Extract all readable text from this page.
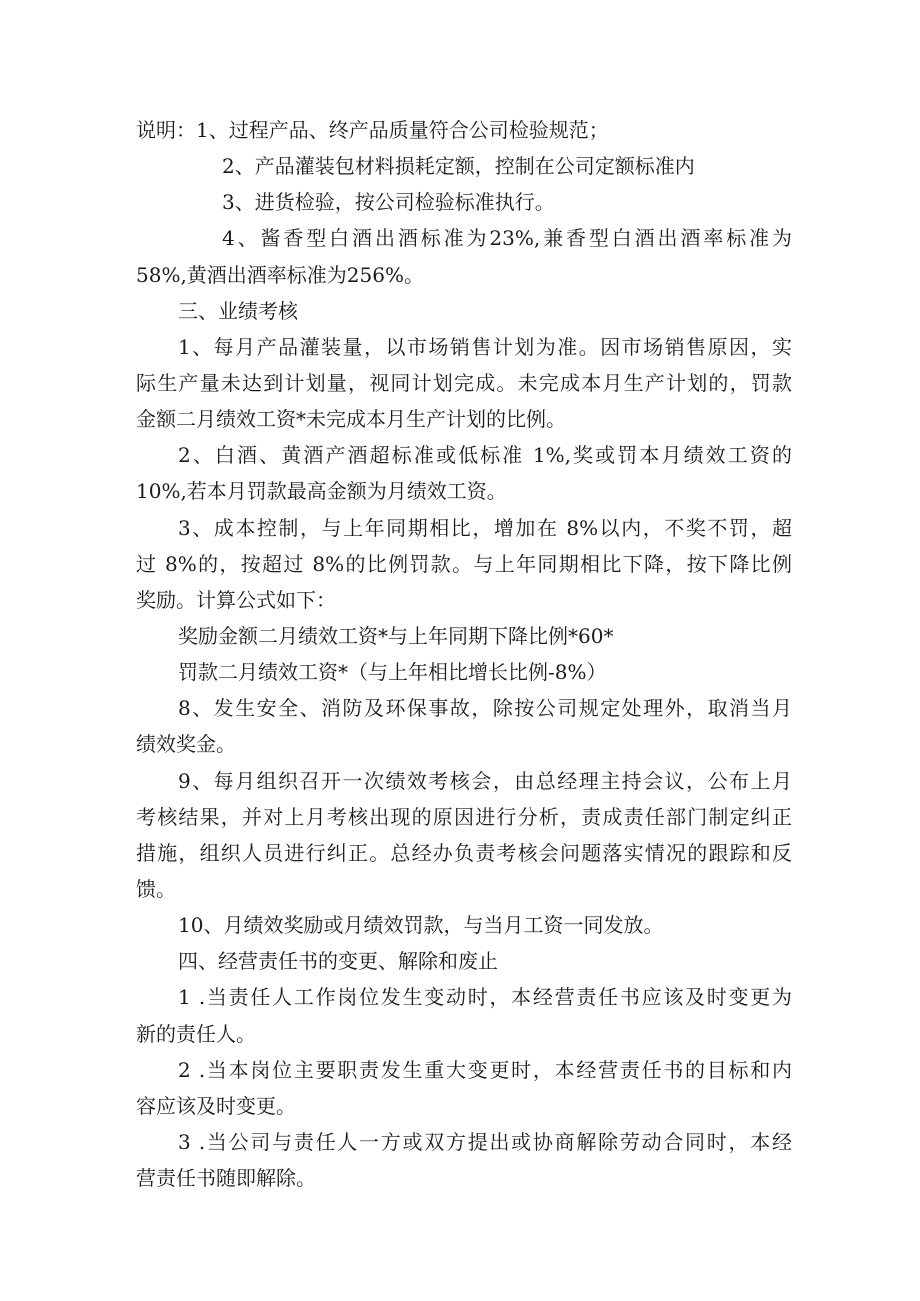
说明：1、过程产品、终产品质量符合公司检验规范；
2、产品灌装包材料损耗定额，控制在公司定额标准内
3、进货检验，按公司检验标准执行。
4、酱香型白酒出酒标准为23%,兼香型白酒出酒率标准为
58%,黄酒出酒率标准为256%。
三、业绩考核
1、每月产品灌装量，以市场销售计划为准。因市场销售原因，实
际生产量未达到计划量，视同计划完成。未完成本月生产计划的，罚款
金额二月绩效工资*未完成本月生产计划的比例。
2、白酒、黄酒产酒超标准或低标准 1%,奖或罚本月绩效工资的
10%,若本月罚款最高金额为月绩效工资。
3、成本控制，与上年同期相比，增加在 8%以内，不奖不罚，超
过 8%的，按超过 8%的比例罚款。与上年同期相比下降，按下降比例
奖励。计算公式如下：
奖励金额二月绩效工资*与上年同期下降比例*60*
罚款二月绩效工资*（与上年相比增长比例-8%）
8、发生安全、消防及环保事故，除按公司规定处理外，取消当月
绩效奖金。
9、每月组织召开一次绩效考核会，由总经理主持会议，公布上月
考核结果，并对上月考核出现的原因进行分析，责成责任部门制定纠正
措施，组织人员进行纠正。总经办负责考核会问题落实情况的跟踪和反
馈。
10、月绩效奖励或月绩效罚款，与当月工资一同发放。
四、经营责任书的变更、解除和废止
1 .当责任人工作岗位发生变动时，本经营责任书应该及时变更为
新的责任人。
2 .当本岗位主要职责发生重大变更时，本经营责任书的目标和内
容应该及时变更。
3 .当公司与责任人一方或双方提出或协商解除劳动合同时，本经
营责任书随即解除。
